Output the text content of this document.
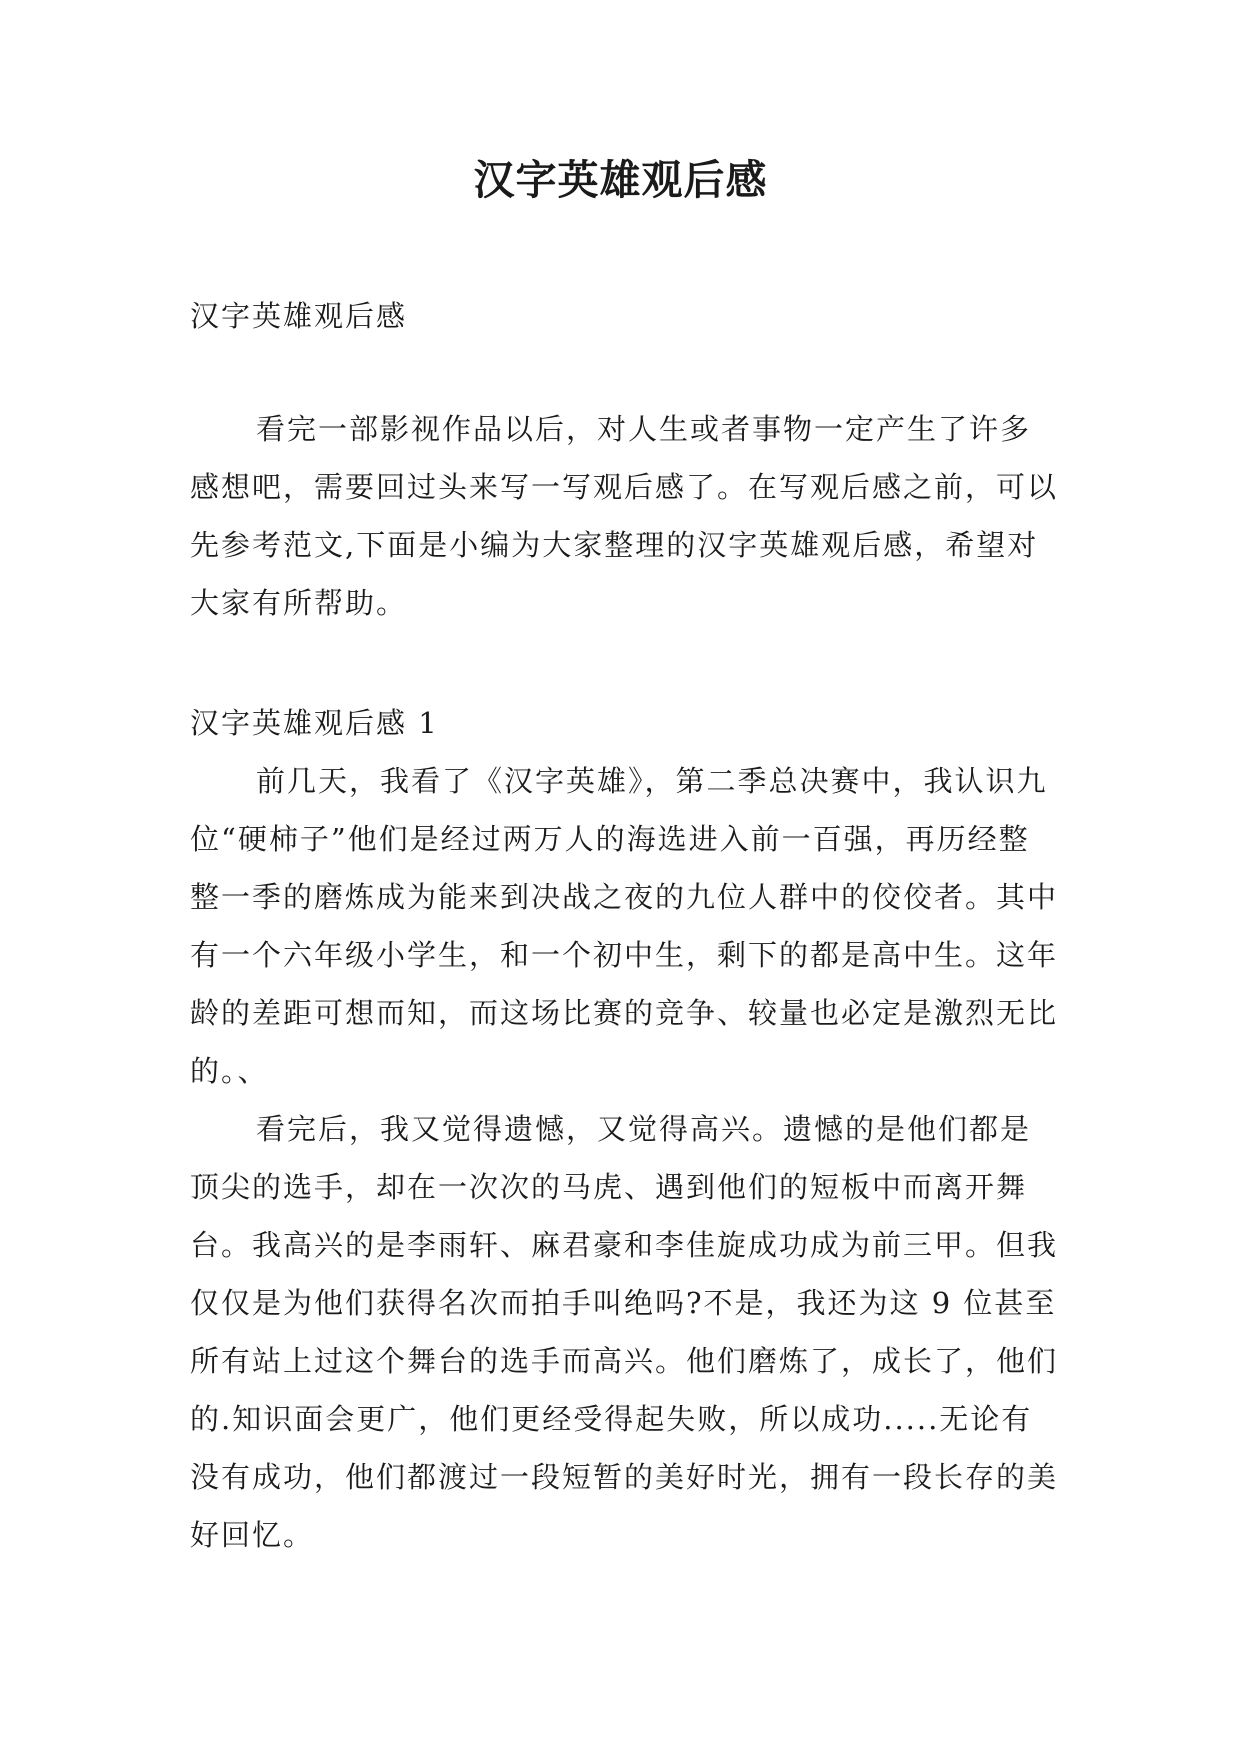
汉字英雄观后感
汉字英雄观后感

看完一部影视作品以后，对人生或者事物一定产生了许多感想吧，需要回过头来写一写观后感了。在写观后感之前，可以先参考范文,下面是小编为大家整理的汉字英雄观后感，希望对大家有所帮助。

汉字英雄观后感 1

前几天，我看了《汉字英雄》，第二季总决赛中，我认识九位“硬柿子”他们是经过两万人的海选进入前一百强，再历经整整一季的磨炼成为能来到决战之夜的九位人群中的佼佼者。其中有一个六年级小学生，和一个初中生，剩下的都是高中生。这年龄的差距可想而知，而这场比赛的竞争、较量也必定是激烈无比的。、

看完后，我又觉得遗憾，又觉得高兴。遗憾的是他们都是顶尖的选手，却在一次次的马虎、遇到他们的短板中而离开舞台。我高兴的是李雨轩、麻君豪和李佳旋成功成为前三甲。但我仅仅是为他们获得名次而拍手叫绝吗?不是，我还为这 9 位甚至所有站上过这个舞台的选手而高兴。他们磨炼了，成长了，他们的.知识面会更广，他们更经受得起失败，所以成功.....无论有没有成功，他们都渡过一段短暂的美好时光，拥有一段长存的美好回忆。
